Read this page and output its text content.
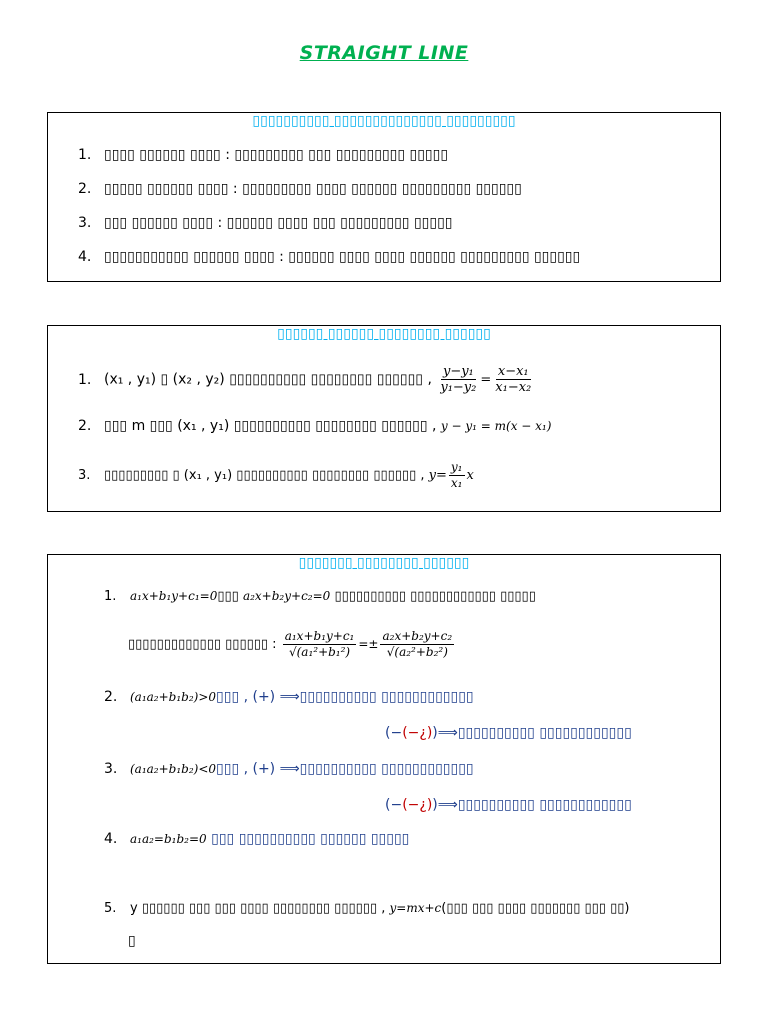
STRAIGHT LINE
▯▯▯▯▯▯▯▯▯▯ ▯▯▯▯▯▯▯▯▯▯▯▯▯▯ ▯▯▯▯▯▯▯▯▯
1. ▯▯▯▯ ▯▯▯▯▯▯ ▯▯▯▯ : ▯▯▯▯▯▯▯▯▯ ▯▯▯ ▯▯▯▯▯▯▯▯▯ ▯▯▯▯▯
2. ▯▯▯▯▯ ▯▯▯▯▯▯ ▯▯▯▯ : ▯▯▯▯▯▯▯▯▯ ▯▯▯▯ ▯▯▯▯▯▯ ▯▯▯▯▯▯▯▯▯ ▯▯▯▯▯▯
3. ▯▯▯ ▯▯▯▯▯▯ ▯▯▯▯ : ▯▯▯▯▯▯ ▯▯▯▯ ▯▯▯ ▯▯▯▯▯▯▯▯▯ ▯▯▯▯▯
4. ▯▯▯▯▯▯▯▯▯▯▯ ▯▯▯▯▯▯ ▯▯▯▯ : ▯▯▯▯▯▯ ▯▯▯▯ ▯▯▯▯ ▯▯▯▯▯▯ ▯▯▯▯▯▯▯▯▯ ▯▯▯▯▯▯
▯▯▯▯▯▯ ▯▯▯▯▯▯ ▯▯▯▯▯▯▯▯ ▯▯▯▯▯▯
1. (x₁ , y₁) ▯ (x₂ , y₂) ▯▯▯▯▯▯▯▯▯▯ ▯▯▯▯▯▯▯▯ ▯▯▯▯▯▯ , $\frac{\text{y−y₁}}{\text{y₁−y₂}} = \frac{\text{x−x₁}}{\text{x₁−x₂}}$
2. ▯▯▯ m ▯▯▯ (x₁ , y₁) ▯▯▯▯▯▯▯▯▯▯ ▯▯▯▯▯▯▯▯ ▯▯▯▯▯▯ , y − y₁ = m(x − x₁)
3. ▯▯▯▯▯▯▯▯▯ ▯ (x₁ , y₁) ▯▯▯▯▯▯▯▯▯▯ ▯▯▯▯▯▯▯▯ ▯▯▯▯▯▯ , $y= \frac{\text{y₁}}{\text{x₁}}$ x
▯▯▯▯▯▯▯ ▯▯▯▯▯▯▯▯ ▯▯▯▯▯▯
1. a₁x+b₁y+c₁=0▯▯▯ a₂x+b₂y+c₂=0 ▯▯▯▯▯▯▯▯▯▯ ▯▯▯▯▯▯▯▯▯▯▯▯ ▯▯▯▯▯
▯▯▯▯▯▯▯▯▯▯▯▯▯ ▯▯▯▯▯▯ : $\frac{\text{a₁x+b₁y+c₁}}{\text{√(a₁²+b₁²)}} =\pm \frac{\text{a₂x+b₂y+c₂}}{\text{√(a₂²+b₂²)}}$
2. (a₁a₂+b₁b₂)>0▯▯▯ , (+) ⟹▯▯▯▯▯▯▯▯▯▯ ▯▯▯▯▯▯▯▯▯▯▯▯
(−(−¿))⟹▯▯▯▯▯▯▯▯▯▯ ▯▯▯▯▯▯▯▯▯▯▯▯
3. (a₁a₂+b₁b₂)<0▯▯▯ , (+) ⟹▯▯▯▯▯▯▯▯▯▯ ▯▯▯▯▯▯▯▯▯▯▯▯
(−(−¿))⟹▯▯▯▯▯▯▯▯▯▯ ▯▯▯▯▯▯▯▯▯▯▯▯
4. a₁a₂=b₁b₂=0 ▯▯▯ ▯▯▯▯▯▯▯▯▯▯ ▯▯▯▯▯▯ ▯▯▯▯▯
5. y ▯▯▯▯▯▯ ▯▯▯ ▯▯▯ ▯▯▯▯ ▯▯▯▯▯▯▯▯ ▯▯▯▯▯▯ , y=mx+c(▯▯▯ ▯▯▯ ▯▯▯▯ ▯▯▯▯▯▯▯ ▯▯▯ ▯▯)
▯
